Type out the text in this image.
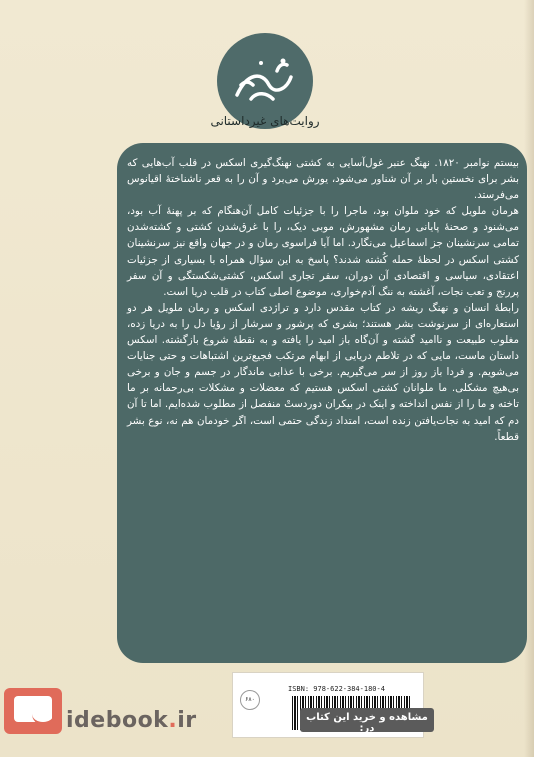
روایت‌های غیرداستانی

بیستم نوامبر ۱۸۲۰. نهنگ عنبر غول‌آسایی به کشتی نهنگ‌گیری اسکس در قلب آب‌هایی که بشر برای نخستین بار بر آن شناور می‌شود، یورش می‌برد و آن را به قعر ناشناختهٔ اقیانوس می‌فرستد.

هرمان ملویل که خود ملوان بود، ماجرا را با جزئیات کامل آن‌هنگام که بر پهنهٔ آب بود، می‌شنود و صحنهٔ پایانی رمان مشهورش، موبی دیک، را با غرق‌شدن کشتی و کشته‌شدن تمامی سرنشینان جز اسماعیل می‌نگارد. اما آیا فراسوی رمان و در جهان واقع نیز سرنشینان کشتی اسکس در لحظهٔ حمله کُشته شدند؟ پاسخ به این سؤال همراه با بسیاری از جزئیات اعتقادی، سیاسی و اقتصادی آن دوران، سفر تجاری اسکس، کشتی‌شکستگی و آن سفر پررنج و تعب نجات، آغشته به ننگ آدم‌خواری، موضوع اصلی کتاب در قلب دریا است.

رابطهٔ انسان و نهنگ ریشه در کتاب مقدس دارد و تراژدی اسکس و رمان ملویل هر دو استعاره‌ای از سرنوشت بشر هستند؛ بشری که پرشور و سرشار از رؤیا دل را به دریا زده، مغلوب طبیعت و ناامید گشته و آن‌گاه باز امید را یافته و به نقطهٔ شروع بازگشته. اسکس داستان ماست، مایی که در تلاطم دریایی از ابهام مرتکب فجیع‌ترین اشتباهات و حتی جنایات می‌شویم. و فردا باز روز از سر می‌گیریم. برخی با عذابی ماندگار در جسم و جان و برخی بی‌هیچ مشکلی. ما ملوانان کشتی اسکس هستیم که معضلات و مشکلات بی‌رحمانه بر ما تاخته و ما را از نفس انداخته و اینک در بیکران دوردستْ منفصل از مطلوب شده‌ایم. اما تا آن دم که امید به نجات‌یافتن زنده است، امتداد زندگی حتمی است، اگر خودمان هم نه، نوع بشر قطعاً.

۶۸۰
ISBN: 978-622-384-180-4
idebook.ir	مشاهده و خرید این کتاب در:
